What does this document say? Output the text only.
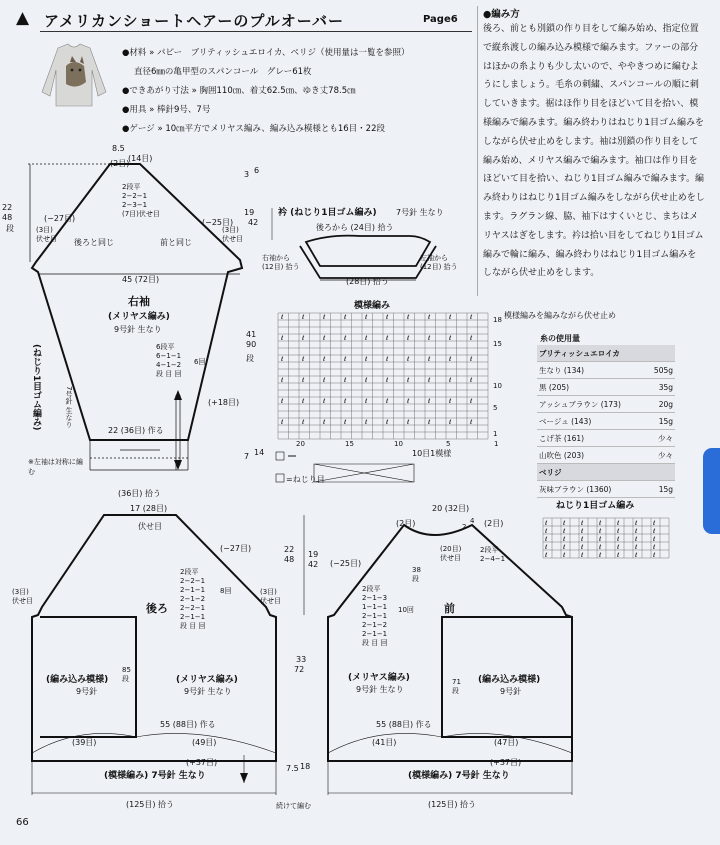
▲ アメリカンショートヘアーのプルオーバー	Page6
●材料 » パピー　ブリティッシュエロイカ、ベリジ（使用量は一覧を参照）
直径6㎜の亀甲型のスパンコール　グレー61枚
●できあがり寸法 » 胸囲110㎝、着丈62.5㎝、ゆき丈78.5㎝
●用具 » 棒針9号、7号
●ゲージ » 10㎝平方でメリヤス編み、編み込み模様とも16目・22段
●編み方
後ろ、前とも別鎖の作り目をして編み始め、指定位置で縦糸渡しの編み込み模様で編みます。ファーの部分はほかの糸よりも少し太いので、ややきつめに編むようにしましょう。毛糸の刺繍、スパンコールの順に刺していきます。裾はほ作り目をほどいて目を拾い、模様編みで編みます。編み終わりはねじり1目ゴム編みをしながら伏せ止めをします。袖は別鎖の作り目をして編み始め、メリヤス編みで編みます。袖口は作り目をほどいて目を拾い、ねじり1目ゴム編みで編みます。編み終わりはねじり1目ゴム編みをしながら伏せ止めをします。ラグラン線、脇、袖下はすくいとじ、まちはメリヤスはぎをします。衿は拾い目をしてねじり1目ゴム編みで輪に編み、編み終わりはねじり1目ゴム編みをしながら伏せ止めをします。
8.5
(14目)
(2目)
22
48
段
2段平
2−2−1
2−3−1
(7目)伏せ目
(−27目)	(−25目)
後ろと同じ	前と同じ
(3目)
伏せ目
(3目)
伏せ目
45 (72目)
右袖
(メリヤス編み)
9号針 生なり
6段平
6−1−1
4−1−2
段 目 回
6回
(+18目)
22 (36目) 作る
(36目) 拾う
(ねじり1目ゴム編み)	7号針 生なり
※左袖は対称に編む
41
90
段
7 14
3 6
19
42
衿 (ねじり1目ゴム編み) 7号針 生なり
後ろから (24目) 拾う
右袖から
(12目) 拾う
左袖から
(12目) 拾う
(28目) 拾う
模様編み
模様編みを編みながら伏せ止め
ℓ
ℓ
ℓ
ℓ
ℓ
ℓ
ℓ
ℓ
ℓ
ℓ
ℓ
ℓ
ℓ
ℓ
ℓ
ℓ
ℓ
ℓ
ℓ
ℓ
ℓ
ℓ
ℓ
ℓ
ℓ
ℓ
ℓ
ℓ
ℓ
ℓ
ℓ
ℓ
ℓ
ℓ
ℓ
ℓ
ℓ
ℓ
ℓ
ℓ
ℓ
ℓ
ℓ
ℓ
ℓ
ℓ
ℓ
ℓ
ℓ
ℓ
ℓ
ℓ
ℓ
ℓ
ℓ
ℓ
ℓ
ℓ
ℓ
ℓ
10目1模様
20	15	10	5	1
18
15
10
5
1
=ねじり目
糸の使用量
ブリティッシュエロイカ	
生なり (134)	505g
黒 (205)	35g
アッシュブラウン (173)	20g
ベージュ (143)	15g
こげ茶 (161)	少々
山吹色 (203)	少々
ベリジ	
灰味ブラウン (1360)	15g
ねじり1目ゴム編み
ℓ
ℓ
ℓ
ℓ
ℓ
ℓ
ℓ
ℓ
ℓ
ℓ
ℓ
ℓ
ℓ
ℓ
ℓ
ℓ
ℓ
ℓ
ℓ
ℓ
ℓ
ℓ
ℓ
ℓ
ℓ
ℓ
ℓ
ℓ
ℓ
ℓ
ℓ
ℓ
ℓ
ℓ
ℓ
17 (28目)
伏せ目
(−27目)
(3目)
伏せ目
(3目)
伏せ目
2段平
2−2−1
2−1−1
2−1−2
2−2−1
2−1−1
段 目 回
8回
後ろ
(編み込み模様)
9号針
(メリヤス編み)
9号針 生なり
85
段
55 (88目) 作る
(39目)	(49目)
(+37目)
(模様編み) 7号針 生なり
(125目) 拾う
22
48
20 (32目)
(2目)	(2目)
2
4
(20目)
伏せ目
2段平
2−4−1
(−25目)
38
段
2段平
2−1−3
1−1−1
2−1−1
2−1−2
2−1−1
段 目 回
10回	前
(メリヤス編み)
9号針 生なり
(編み込み模様)
9号針
71
段
55 (88目) 作る
(41目)	(47目)
(+37目)
(模様編み) 7号針 生なり
(125目) 拾う
続けて編む
33
72
7.5 18
19
42
66
